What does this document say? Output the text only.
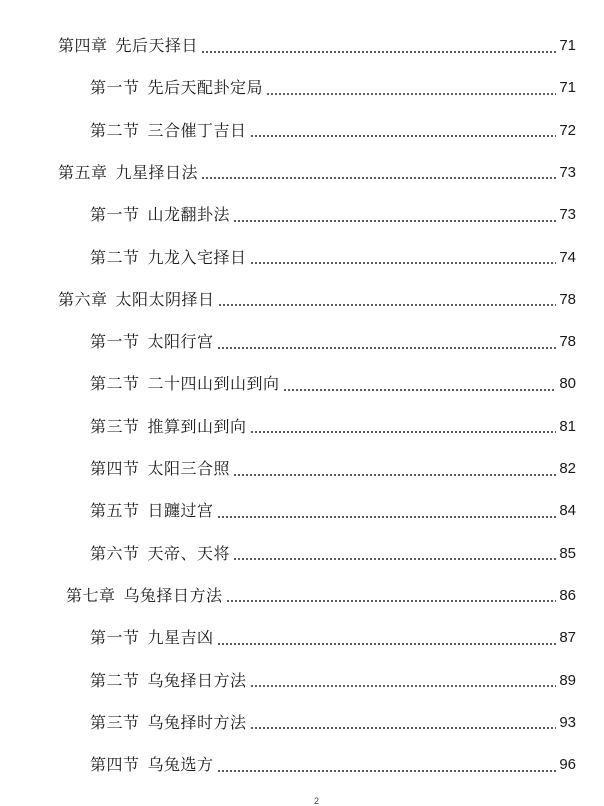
第四章 先后天择日	71
第一节 先后天配卦定局	71
第二节 三合催丁吉日	72
第五章 九星择日法	73
第一节 山龙翻卦法	73
第二节 九龙入宅择日	74
第六章 太阳太阴择日	78
第一节 太阳行宫	78
第二节 二十四山到山到向	80
第三节 推算到山到向	81
第四节 太阳三合照	82
第五节 日躔过宫	84
第六节 天帝、天将	85
第七章 乌兔择日方法	86
第一节 九星吉凶	87
第二节 乌兔择日方法	89
第三节 乌兔择时方法	93
第四节 乌兔选方	96
2
